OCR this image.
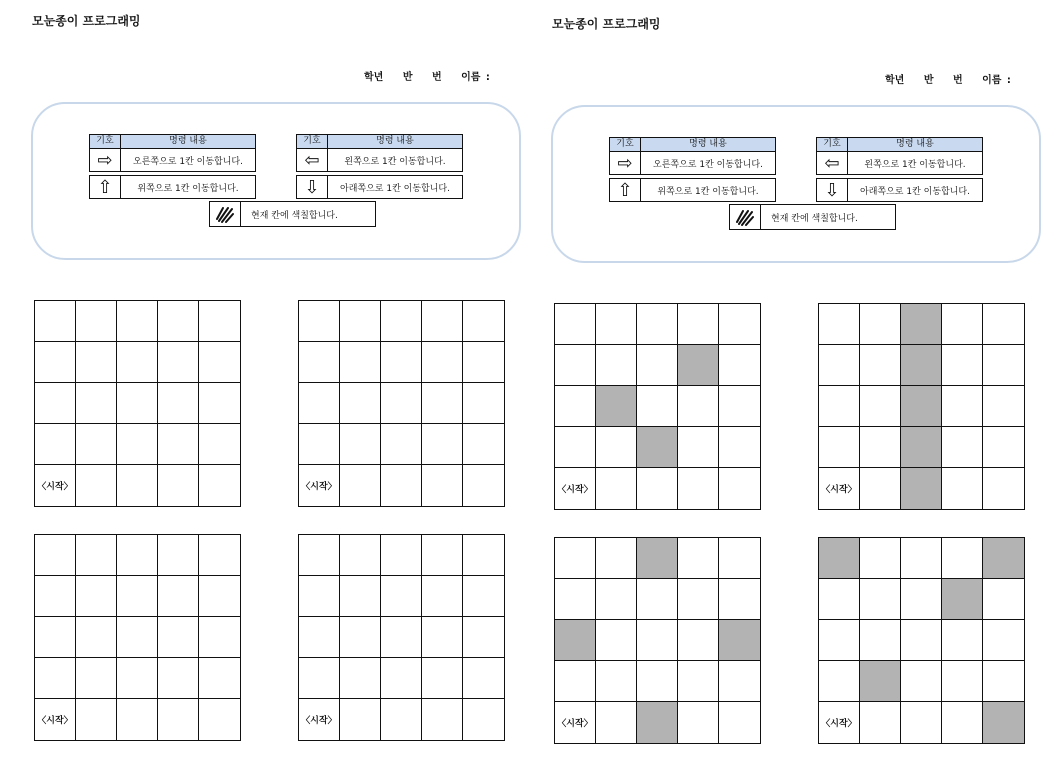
모눈종이 프로그래밍
학년 반 번 이름 :
기호	명령 내용
⇨	오른쪽으로 1칸 이동합니다.

⇧	위쪽으로 1칸 이동합니다.
기호	명령 내용
⇦	왼쪽으로 1칸 이동합니다.

⇩	아래쪽으로 1칸 이동합니다.
현재 칸에 색칠합니다.
〈시작〉	〈시작〉
〈시작〉	〈시작〉
모눈종이 프로그래밍
학년 반 번 이름 :
기호	명령 내용
⇨	오른쪽으로 1칸 이동합니다.

⇧	위쪽으로 1칸 이동합니다.
기호	명령 내용
⇦	왼쪽으로 1칸 이동합니다.

⇩	아래쪽으로 1칸 이동합니다.
현재 칸에 색칠합니다.
〈시작〉	〈시작〉
〈시작〉	〈시작〉
